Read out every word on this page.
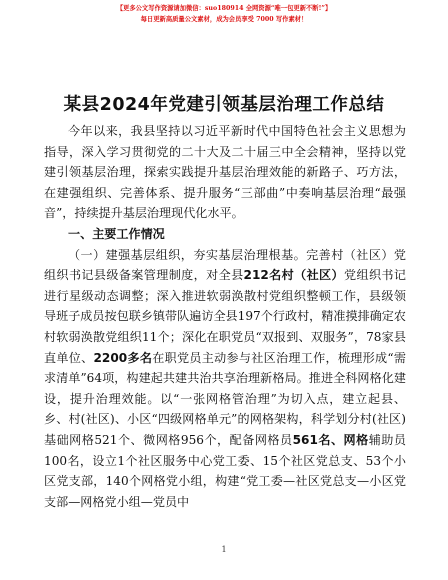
【更多公文写作资源请加微信：suo180914 全网资源“唯一包更新不断!”】
每日更新高质量公文素材，成为会员享受 7000 写作素材！
某县2024年党建引领基层治理工作总结

今年以来，我县坚持以习近平新时代中国特色社会主义思想为指导，深入学习贯彻党的二十大及二十届三中全会精神，坚持以党建引领基层治理，探索实践提升基层治理效能的新路子、巧方法，在建强组织、完善体系、提升服务“三部曲”中奏响基层治理“最强音”，持续提升基层治理现代化水平。

一、主要工作情况

（一）建强基层组织，夯实基层治理根基。完善村（社区）党组织书记县级备案管理制度，对全县212名村（社区）党组织书记进行星级动态调整；深入推进软弱涣散村党组织整顿工作，县级领导班子成员按包联乡镇带队遍访全县197个行政村，精准摸排确定农村软弱涣散党组织11个；深化在职党员“双报到、双服务”，78家县直单位、2200多名在职党员主动参与社区治理工作，梳理形成“需求清单”64项，构建起共建共治共享治理新格局。推进全科网格化建设，提升治理效能。以“一张网格管治理”为切入点，建立起县、乡、村(社区)、小区“四级网格单元”的网格架构，科学划分村(社区)基础网格521个、微网格956个，配备网格员561名、网格辅助员100名，设立1个社区服务中心党工委、15个社区党总支、53个小区党支部，140个网格党小组，构建“党工委—社区党总支—小区党支部—网格党小组—党员中

1
